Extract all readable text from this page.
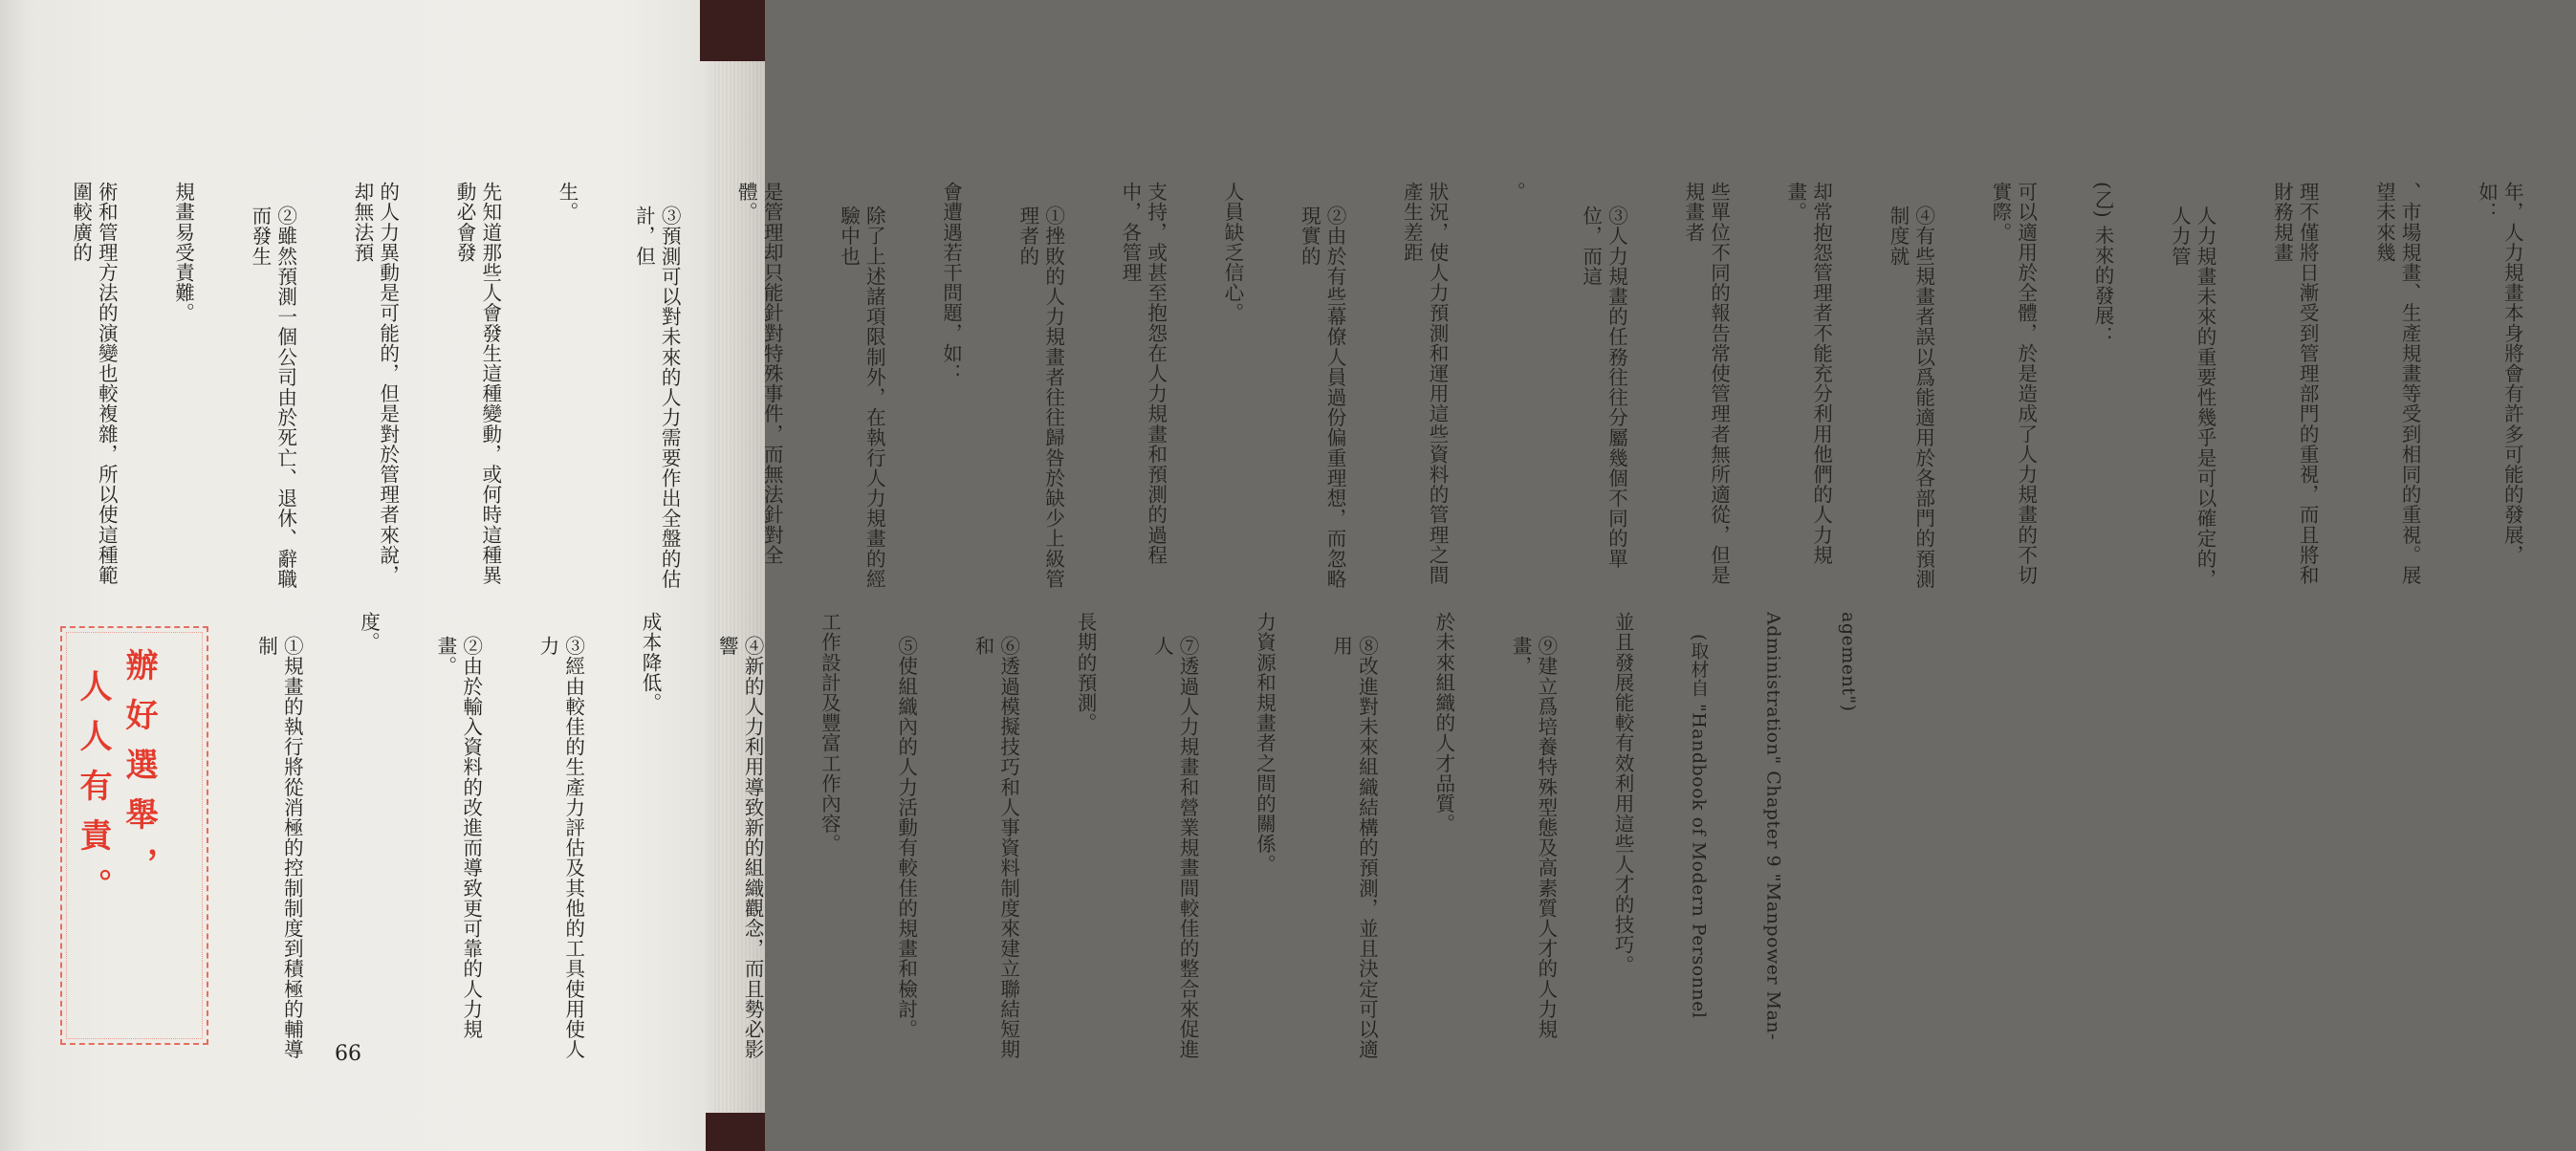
年，人力規畫本身將會有許多可能的發展，如：

、市場規畫、生產規畫等受到相同的重視。展望未來幾

理不僅將日漸受到管理部門的重視，而且將和財務規畫

人力規畫未來的重要性幾乎是可以確定的，人力管

(乙) 未來的發展：

可以適用於全體，於是造成了人力規畫的不切實際。

④有些規畫者誤以爲能適用於各部門的預測制度就

却常抱怨管理者不能充分利用他們的人力規畫。

些單位不同的報告常使管理者無所適從，但是規畫者

③人力規畫的任務往往分屬幾個不同的單位，而這

。

狀況，使人力預測和運用這些資料的管理之間產生差距

②由於有些幕僚人員過份偏重理想，而忽略現實的

人員缺乏信心。

支持，或甚至抱怨在人力規畫和預測的過程中，各管理

①挫敗的人力規畫者往往歸咎於缺少上級管理者的

會遭遇若干問題，如：

除了上述諸項限制外，在執行人力規畫的經驗中也

是管理却只能針對特殊事件，而無法針對全體。

③預測可以對未來的人力需要作出全盤的估計，但

生。

先知道那些人會發生這種變動，或何時這種異動必會發

的人力異動是可能的，但是對於管理者來說，却無法預

②雖然預測一個公司由於死亡、退休、辭職而發生

規畫易受責難。

術和管理方法的演變也較複雜，所以使這種範圍較廣的

agement")

Administration" Chapter 9 "Manpower Man-

(取材自 "Handbook of Modern Personnel

並且發展能較有效利用這些人才的技巧。

⑨建立爲培養特殊型態及高素質人才的人力規畫，

於未來組織的人才品質。

⑧改進對未來組織結構的預測，並且決定可以適用

力資源和規畫者之間的關係。

⑦透過人力規畫和營業規畫間較佳的整合來促進人

長期的預測。

⑥透過模擬技巧和人事資料制度來建立聯結短期和

⑤使組織內的人力活動有較佳的規畫和檢討。

工作設計及豐富工作內容。

④新的人力利用導致新的組織觀念，而且勢必影響

成本降低。

③經由較佳的生產力評估及其他的工具使用使人力

②由於輸入資料的改進而導致更可靠的人力規畫。

度。

①規畫的執行將從消極的控制制度到積極的輔導制

辦好選舉，
人人有責。
66
